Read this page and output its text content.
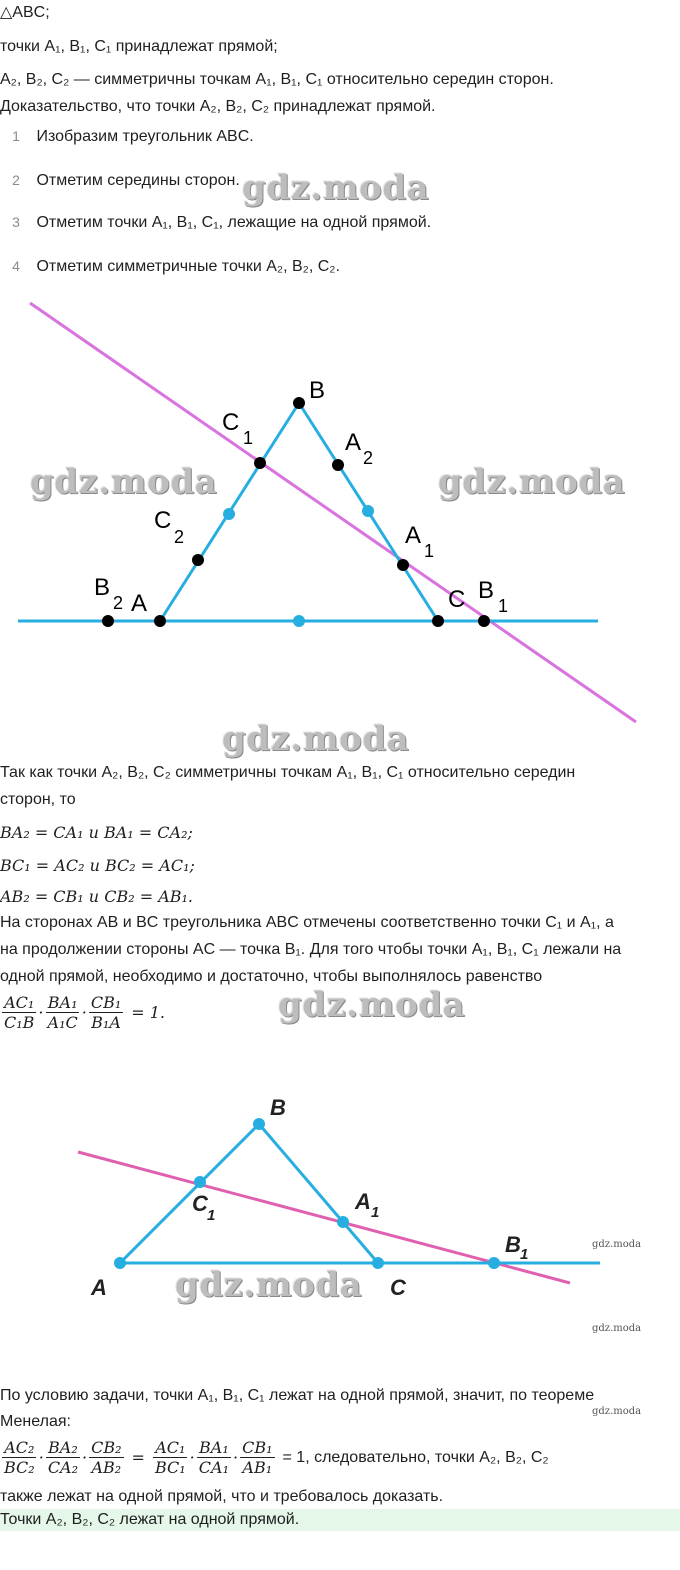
△ABC;
точки A₁, B₁, C₁ принадлежат прямой;
A₂, B₂, C₂ — симметричны точкам A₁, B₁, C₁ относительно середин сторон.
Доказательство, что точки A₂, B₂, C₂ принадлежат прямой.
1 Изобразим треугольник ABC.
2 Отметим середины сторон.
3 Отметим точки A₁, B₁, C₁, лежащие на одной прямой.
4 Отметим симметричные точки A₂, B₂, C₂.
gdz.moda
B
C
1	A
2
C
2	A
1
B
2 A	C B
1
gdz.moda	gdz.moda
gdz.moda
Так как точки A₂, B₂, C₂ симметричны точкам A₁, B₁, C₁ относительно середин
сторон, то
BA₂ = CA₁ и BA₁ = CA₂;
BC₁ = AC₂ и BC₂ = AC₁;
AB₂ = CB₁ и CB₂ = AB₁.
На сторонах AB и BC треугольника ABC отмечены соответственно точки C₁ и A₁, а
на продолжении стороны AC — точка B₁. Для того чтобы точки A₁, B₁, C₁ лежали на
одной прямой, необходимо и достаточно, чтобы выполнялось равенство
$\frac{\text{AC₁}}{\text{C₁B}} \cdot \frac{\text{BA₁}}{\text{A₁C}} \cdot \frac{\text{CB₁}}{\text{B₁A}} = 1$.	gdz.moda
B
C 1
A 1
B 1
A	C
gdz.moda
gdz.moda
gdz.moda
gdz.moda
По условию задачи, точки A₁, B₁, C₁ лежат на одной прямой, значит, по теореме
Менелая:
$\frac{\text{AC₂}}{\text{BC₂}} \cdot \frac{\text{BA₂}}{\text{CA₂}} \cdot \frac{\text{CB₂}}{\text{AB₂}} = \frac{\text{AC₁}}{\text{BC₁}} \cdot \frac{\text{BA₁}}{\text{CA₁}} \cdot \frac{\text{CB₁}}{\text{AB₁}} = 1$, следовательно, точки A₂, B₂, C₂
также лежат на одной прямой, что и требовалось доказать.
Точки A₂, B₂, C₂ лежат на одной прямой.
